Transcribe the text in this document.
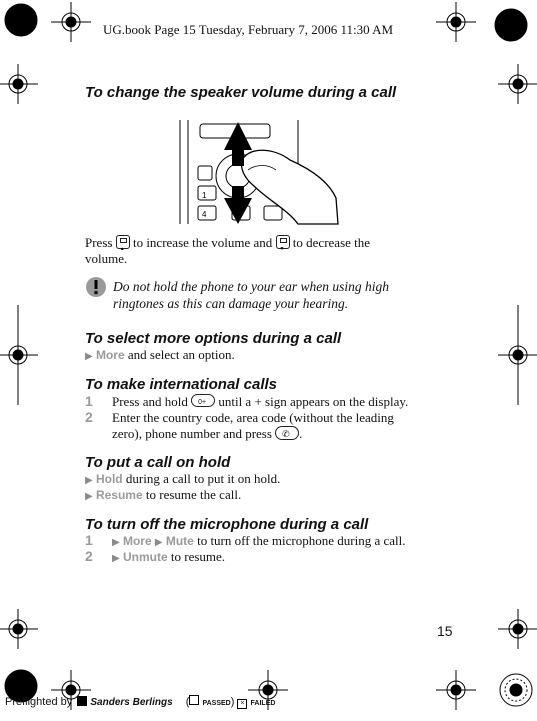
UG.book Page 15 Tuesday, February 7, 2006 11:30 AM
To change the speaker volume during a call
1
4
Press ▲ to increase the volume and ▼ to decrease the
volume.
Do not hold the phone to your ear when using high ringtones as this can damage your hearing.
To select more options during a call
▶ More and select an option.
To make international calls
1 Press and hold 0+ until a + sign appears on the display.
2 Enter the country code, area code (without the leading
zero), phone number and press ✆ .
To put a call on hold
▶ Hold during a call to put it on hold.
▶ Resume to resume the call.
To turn off the microphone during a call
1 ▶ More ▶ Mute to turn off the microphone during a call.
2 ▶ Unmute to resume.
15
Preflighted by Sanders Berlings ( PASSED) × FAILED
